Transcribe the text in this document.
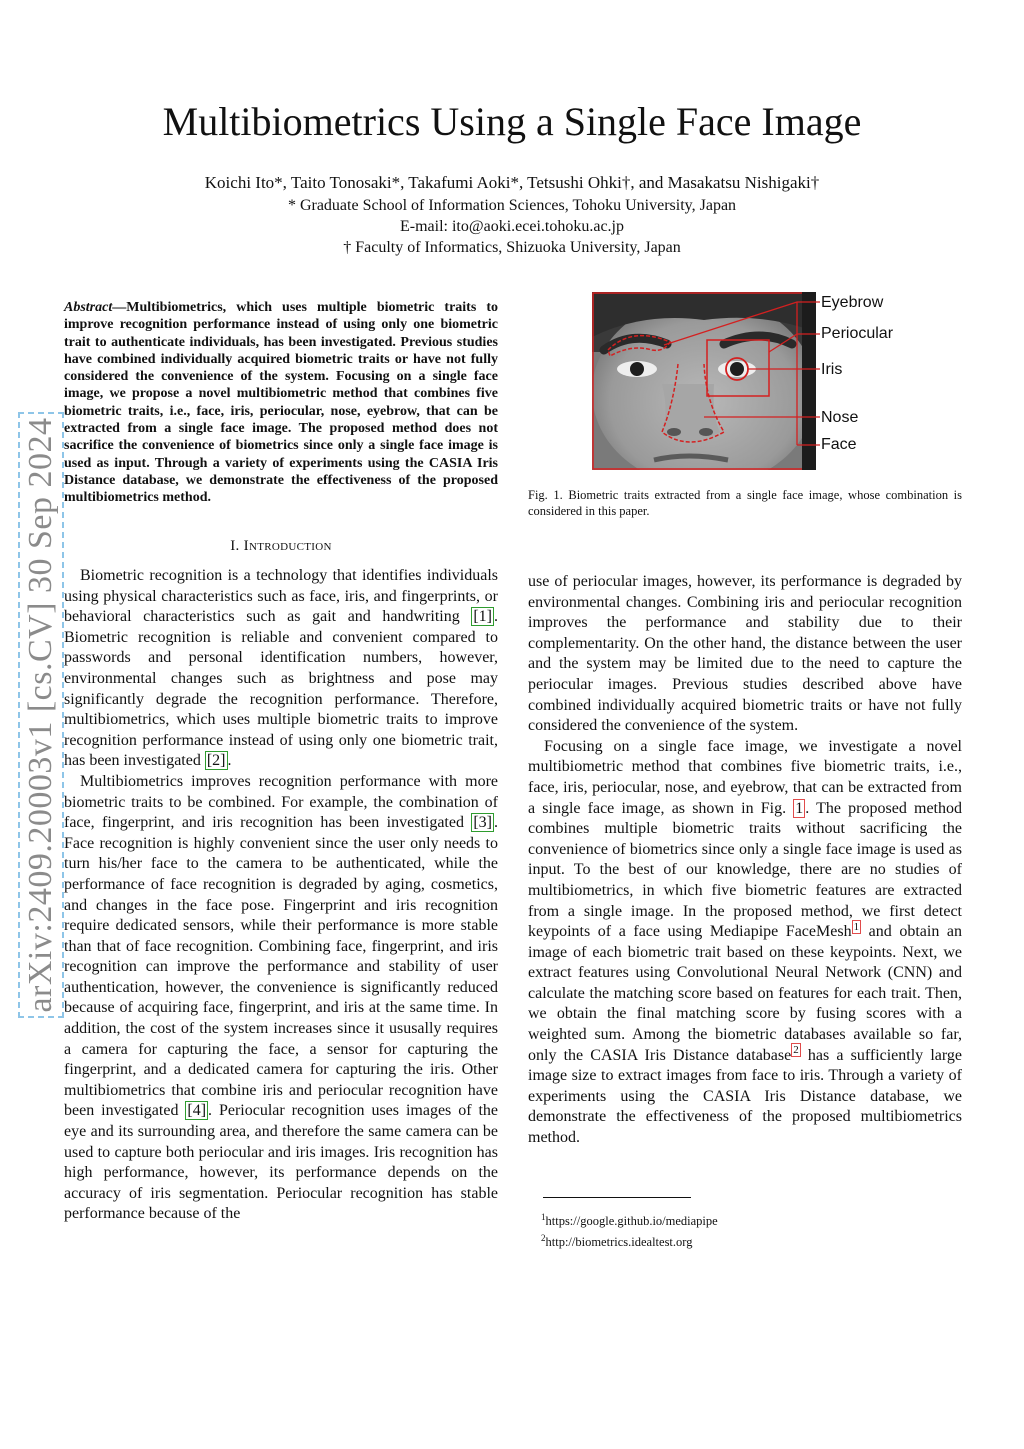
Multibiometrics Using a Single Face Image
Koichi Ito*, Taito Tonosaki*, Takafumi Aoki*, Tetsushi Ohki†, and Masakatsu Nishigaki†
* Graduate School of Information Sciences, Tohoku University, Japan
E-mail: ito@aoki.ecei.tohoku.ac.jp
† Faculty of Informatics, Shizuoka University, Japan
arXiv:2409.20003v1 [cs.CV] 30 Sep 2024
Abstract—Multibiometrics, which uses multiple biometric traits to improve recognition performance instead of using only one biometric trait to authenticate individuals, has been investigated. Previous studies have combined individually acquired biometric traits or have not fully considered the convenience of the system. Focusing on a single face image, we propose a novel multibiometric method that combines five biometric traits, i.e., face, iris, periocular, nose, eyebrow, that can be extracted from a single face image. The proposed method does not sacrifice the convenience of biometrics since only a single face image is used as input. Through a variety of experiments using the CASIA Iris Distance database, we demonstrate the effectiveness of the proposed multibiometrics method.
I. Introduction

Biometric recognition is a technology that identifies individuals using physical characteristics such as face, iris, and fingerprints, or behavioral characteristics such as gait and handwriting [1] . Biometric recognition is reliable and convenient compared to passwords and personal identification numbers, however, environmental changes such as brightness and pose may significantly degrade the recognition performance. Therefore, multibiometrics, which uses multiple biometric traits to improve recognition performance instead of using only one biometric trait, has been investigated [2] .

Multibiometrics improves recognition performance with more biometric traits to be combined. For example, the combination of face, fingerprint, and iris recognition has been investigated [3] . Face recognition is highly convenient since the user only needs to turn his/her face to the camera to be authenticated, while the performance of face recognition is degraded by aging, cosmetics, and changes in the face pose. Fingerprint and iris recognition require dedicated sensors, while their performance is more stable than that of face recognition. Combining face, fingerprint, and iris recognition can improve the performance and stability of user authentication, however, the convenience is significantly reduced because of acquiring face, fingerprint, and iris at the same time. In addition, the cost of the system increases since it ususally requires a camera for capturing the face, a sensor for capturing the fingerprint, and a dedicated camera for capturing the iris. Other multibiometrics that combine iris and periocular recognition have been investigated [4] . Periocular recognition uses images of the eye and its surrounding area, and therefore the same camera can be used to capture both periocular and iris images. Iris recognition has high performance, however, its performance depends on the accuracy of iris segmentation. Periocular recognition has stable performance because of the

Eyebrow
Periocular
Iris
Nose
Face
Fig. 1. Biometric traits extracted from a single face image, whose combination is considered in this paper.

use of periocular images, however, its performance is degraded by environmental changes. Combining iris and periocular recognition improves the performance and stability due to their complementarity. On the other hand, the distance between the user and the system may be limited due to the need to capture the periocular images. Previous studies described above have combined individually acquired biometric traits or have not fully considered the convenience of the system.

Focusing on a single face image, we investigate a novel multibiometric method that combines five biometric traits, i.e., face, iris, periocular, nose, and eyebrow, that can be extracted from a single face image, as shown in Fig. 1 . The proposed method combines multiple biometric traits without sacrificing the convenience of biometrics since only a single face image is used as input. To the best of our knowledge, there are no studies of multibiometrics, in which five biometric features are extracted from a single image. In the proposed method, we first detect keypoints of a face using Mediapipe FaceMesh $^1$ and obtain an image of each biometric trait based on these keypoints. Next, we extract features using Convolutional Neural Network (CNN) and calculate the matching score based on features for each trait. Then, we obtain the final matching score by fusing scores with a weighted sum. Among the biometric databases available so far, only the CASIA Iris Distance database $^2$ has a sufficiently large image size to extract images from face to iris. Through a variety of experiments using the CASIA Iris Distance database, we demonstrate the effectiveness of the proposed multibiometrics method.

$^1$https://google.github.io/mediapipe
$^2$http://biometrics.idealtest.org
